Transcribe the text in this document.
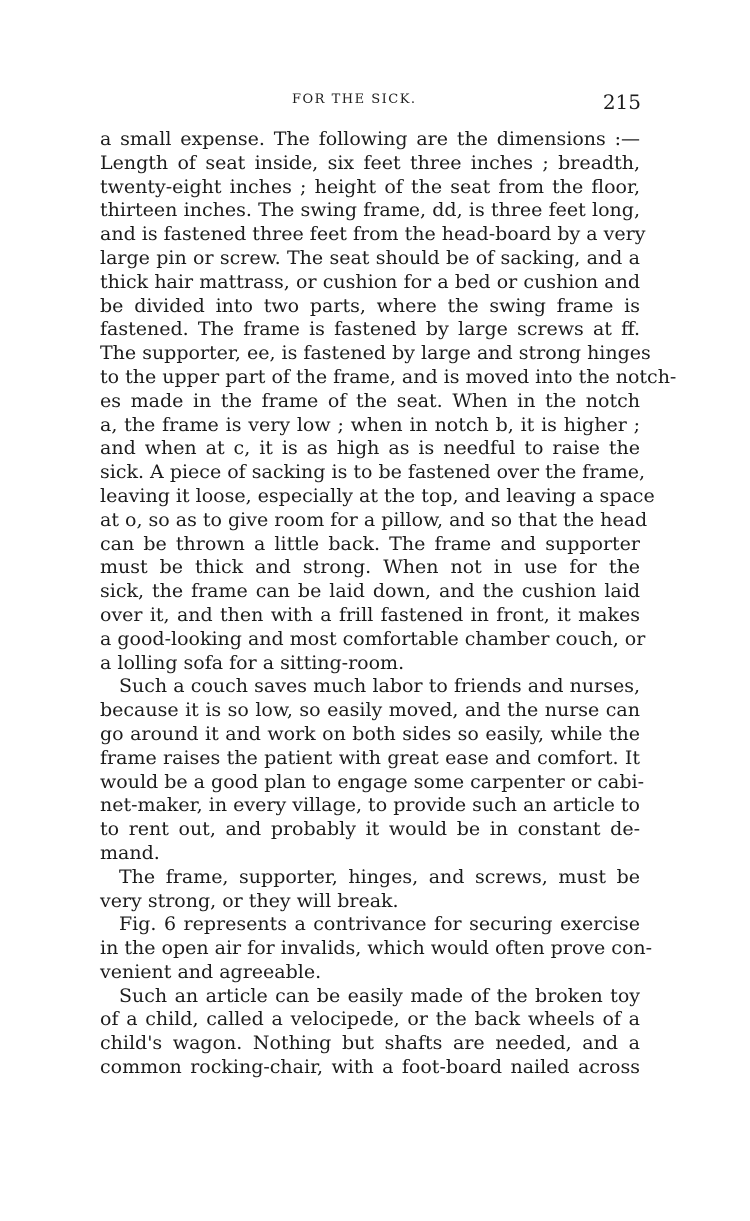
FOR THE SICK.	215
a small expense. The following are the dimensions :—
Length of seat inside, six feet three inches ; breadth,
twenty-eight inches ; height of the seat from the floor,
thirteen inches. The swing frame, dd, is three feet long,
and is fastened three feet from the head-board by a very
large pin or screw. The seat should be of sacking, and a
thick hair mattrass, or cushion for a bed or cushion and
be divided into two parts, where the swing frame is
fastened. The frame is fastened by large screws at ff.
The supporter, ee, is fastened by large and strong hinges
to the upper part of the frame, and is moved into the notch-
es made in the frame of the seat. When in the notch
a, the frame is very low ; when in notch b, it is higher ;
and when at c, it is as high as is needful to raise the
sick. A piece of sacking is to be fastened over the frame,
leaving it loose, especially at the top, and leaving a space
at o, so as to give room for a pillow, and so that the head
can be thrown a little back. The frame and supporter
must be thick and strong. When not in use for the
sick, the frame can be laid down, and the cushion laid
over it, and then with a frill fastened in front, it makes
a good-looking and most comfortable chamber couch, or
a lolling sofa for a sitting-room.
Such a couch saves much labor to friends and nurses,
because it is so low, so easily moved, and the nurse can
go around it and work on both sides so easily, while the
frame raises the patient with great ease and comfort. It
would be a good plan to engage some carpenter or cabi-
net-maker, in every village, to provide such an article to
to rent out, and probably it would be in constant de-
mand.
The frame, supporter, hinges, and screws, must be
very strong, or they will break.
Fig. 6 represents a contrivance for securing exercise
in the open air for invalids, which would often prove con-
venient and agreeable.
Such an article can be easily made of the broken toy
of a child, called a velocipede, or the back wheels of a
child's wagon. Nothing but shafts are needed, and a
common rocking-chair, with a foot-board nailed across
